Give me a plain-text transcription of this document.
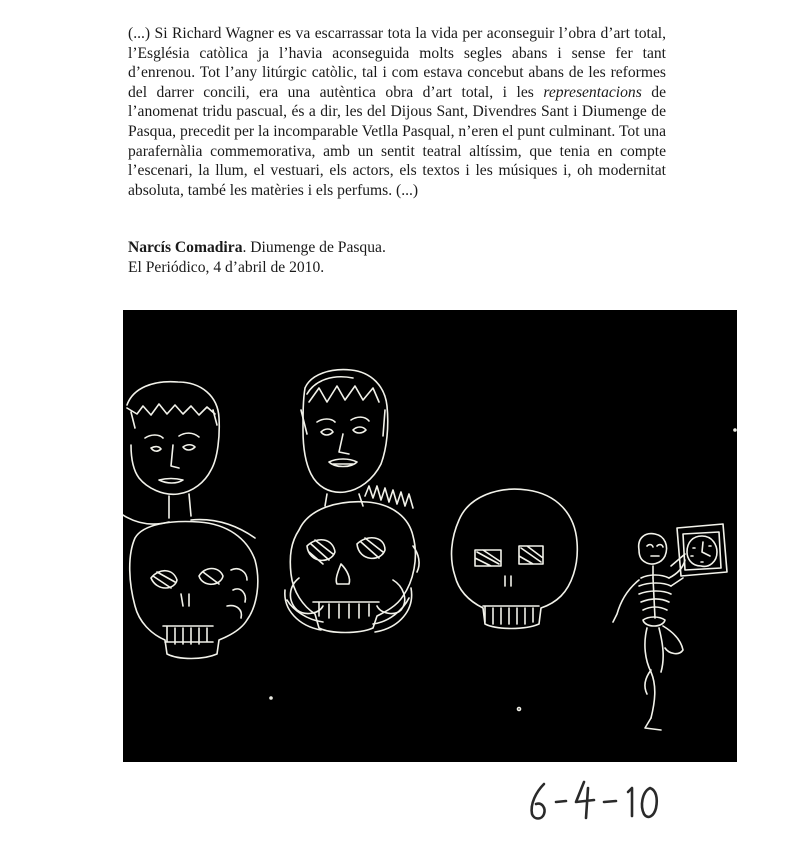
(...) Si Richard Wagner es va escarrassar tota la vida per aconseguir l’obra d’art total, l’Església catòlica ja l’havia aconseguida molts segles abans i sense fer tant d’enrenou. Tot l’any litúrgic catòlic, tal i com estava concebut abans de les reformes del darrer concili, era una autèntica obra d’art total, i les representacions de l’anomenat tridu pascual, és a dir, les del Dijous Sant, Divendres Sant i Diumenge de Pasqua, precedit per la incomparable Vetlla Pasqual, n’eren el punt culminant. Tot una parafernàlia commemorativa, amb un sentit teatral altíssim, que tenia en compte l’escenari, la llum, el vestuari, els actors, els textos i les músiques i, oh modernitat absoluta, també les matèries i els perfums. (...)

Narcís Comadira. Diumenge de Pasqua.
El Periódico, 4 d’abril de 2010.
6-4-10
